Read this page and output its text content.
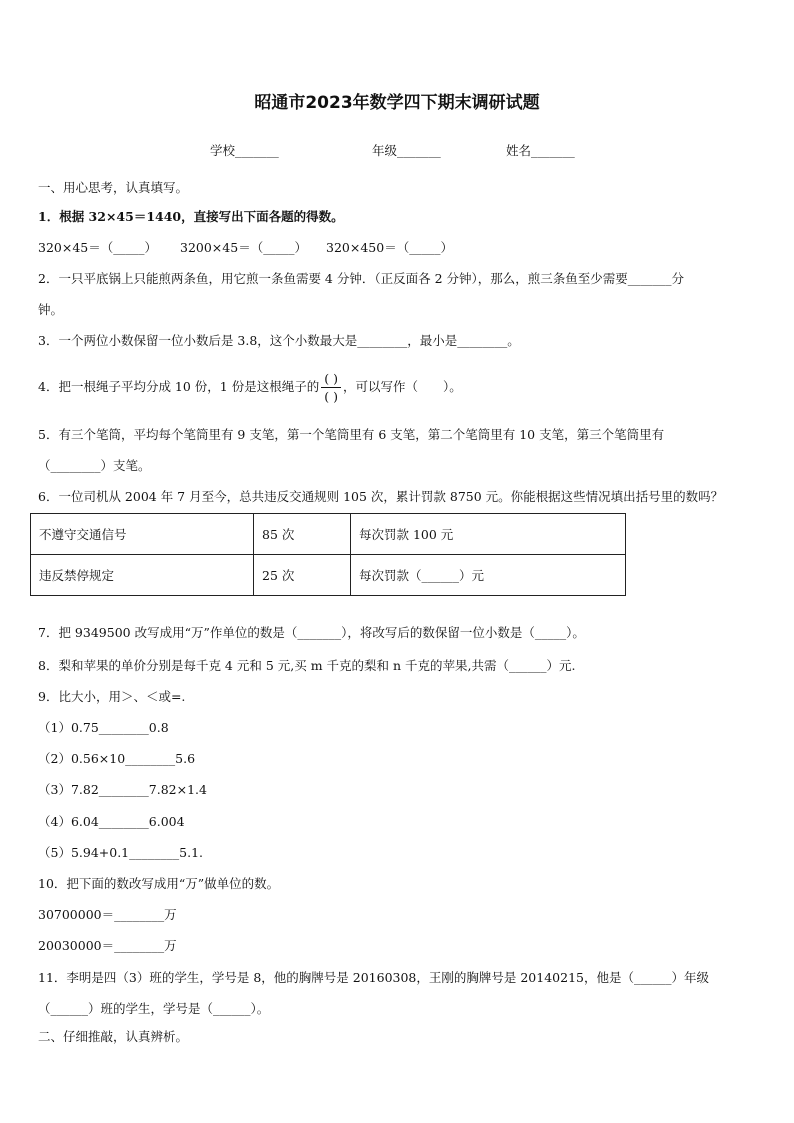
昭通市2023年数学四下期末调研试题
学校_______	年级_______	姓名_______
一、用心思考，认真填写。
1．根据 32×45＝1440，直接写出下面各题的得数。
320×45＝（_____） 3200×45＝（_____） 320×450＝（_____）
2．一只平底锅上只能煎两条鱼，用它煎一条鱼需要 4 分钟．（正反面各 2 分钟），那么，煎三条鱼至少需要_______分
钟。
3．一个两位小数保留一位小数后是 3.8，这个小数最大是________，最小是________。
4．把一根绳子平均分成 10 份，1 份是这根绳子的 $\frac{( )}{( )}$ ，可以写作（　　）。
5．有三个笔筒，平均每个笔筒里有 9 支笔，第一个笔筒里有 6 支笔，第二个笔筒里有 10 支笔，第三个笔筒里有
（________）支笔。
6．一位司机从 2004 年 7 月至今，总共违反交通规则 105 次，累计罚款 8750 元。你能根据这些情况填出括号里的数吗？
不遵守交通信号	85 次	每次罚款 100 元
违反禁停规定	25 次	每次罚款（______）元
7．把 9349500 改写成用“万”作单位的数是（_______），将改写后的数保留一位小数是（_____）。
8．梨和苹果的单价分别是每千克 4 元和 5 元,买 m 千克的梨和 n 千克的苹果,共需（______）元.
9．比大小，用＞、＜或=.
（1）0.75________0.8
（2）0.56×10________5.6
（3）7.82________7.82×1.4
（4）6.04________6.004
（5）5.94+0.1________5.1.
10．把下面的数改写成用“万”做单位的数。
30700000＝________万
20030000＝________万
11．李明是四（3）班的学生，学号是 8，他的胸牌号是 20160308，王刚的胸牌号是 20140215，他是（______）年级
（______）班的学生，学号是（______）。
二、仔细推敲，认真辨析。
